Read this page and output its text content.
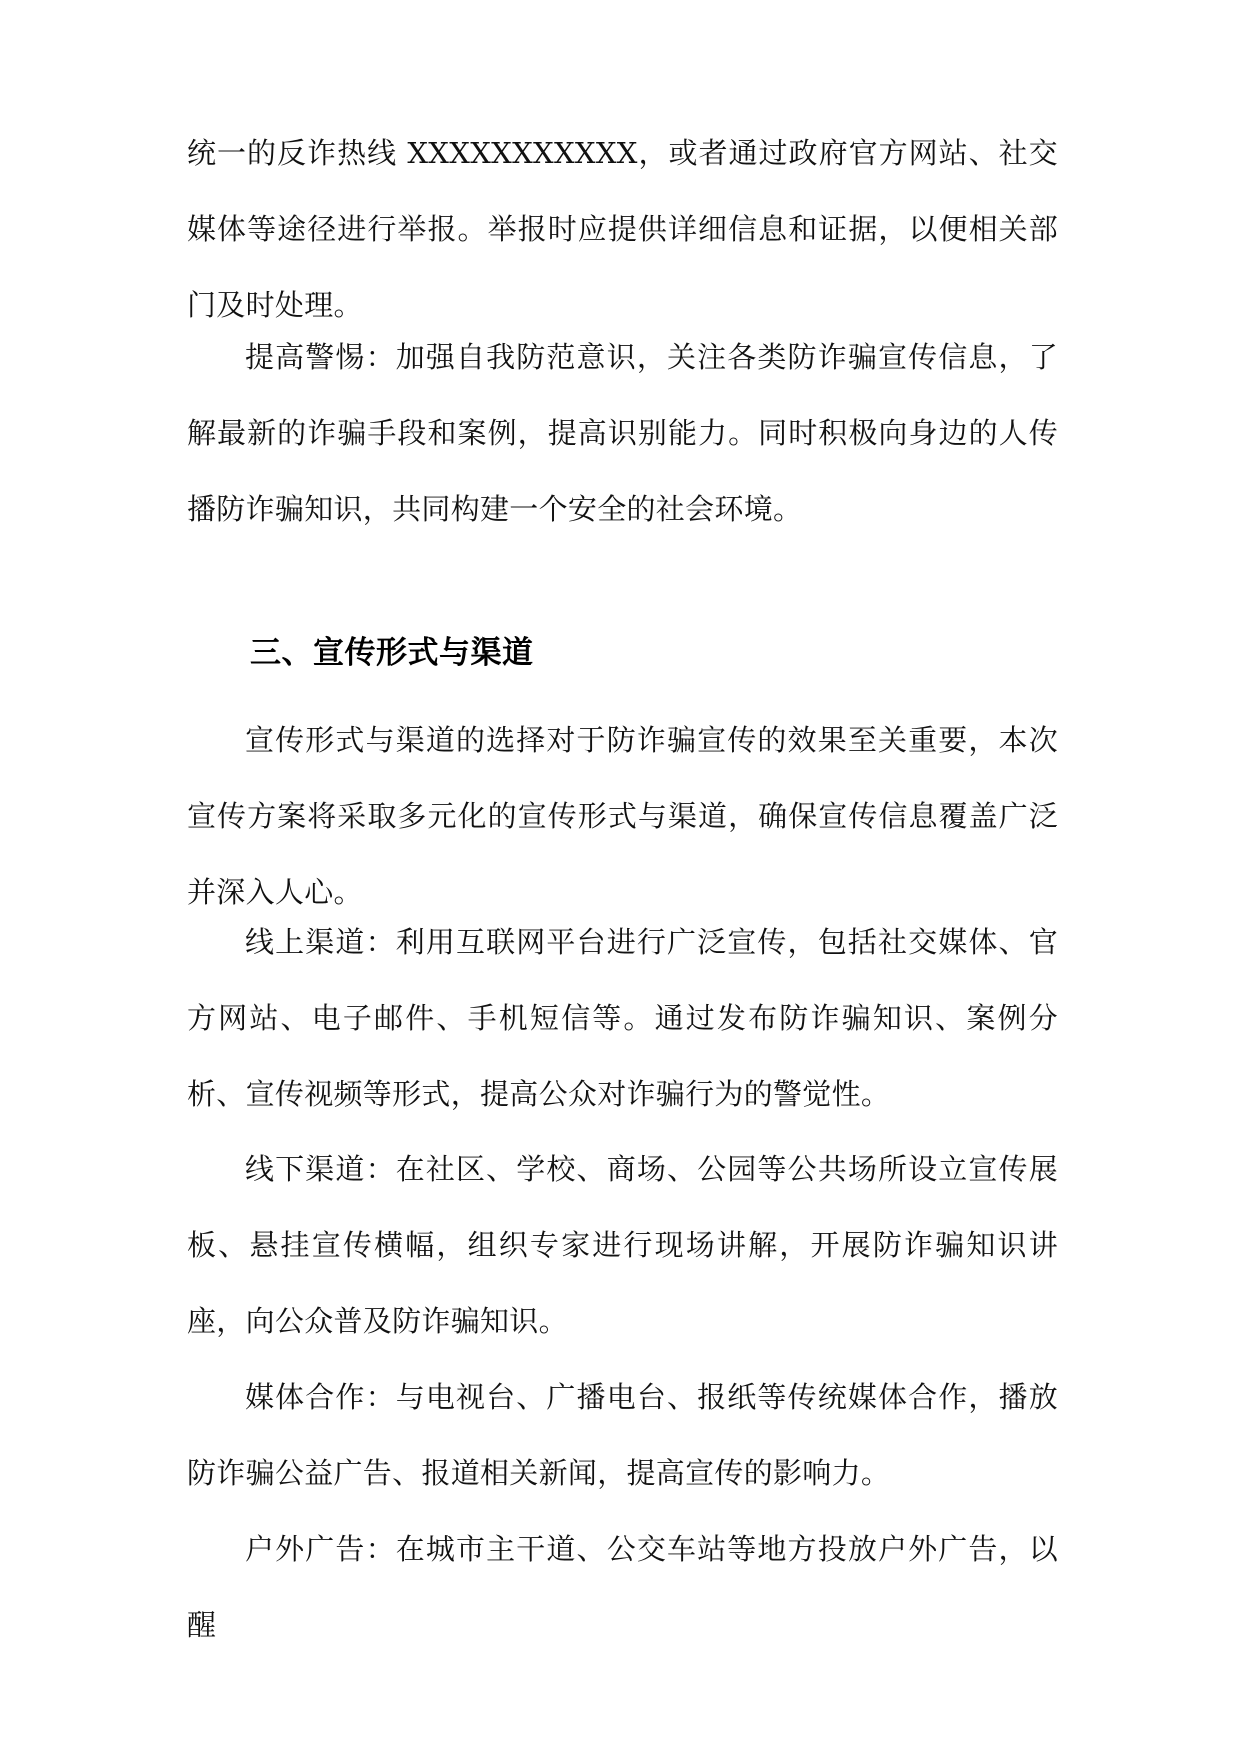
统一的反诈热线 XXXXXXXXXXX，或者通过政府官方网站、社交媒体等途径进行举报。举报时应提供详细信息和证据，以便相关部门及时处理。

提高警惕：加强自我防范意识，关注各类防诈骗宣传信息，了解最新的诈骗手段和案例，提高识别能力。同时积极向身边的人传播防诈骗知识，共同构建一个安全的社会环境。

三、宣传形式与渠道

宣传形式与渠道的选择对于防诈骗宣传的效果至关重要，本次宣传方案将采取多元化的宣传形式与渠道，确保宣传信息覆盖广泛并深入人心。

线上渠道：利用互联网平台进行广泛宣传，包括社交媒体、官方网站、电子邮件、手机短信等。通过发布防诈骗知识、案例分析、宣传视频等形式，提高公众对诈骗行为的警觉性。

线下渠道：在社区、学校、商场、公园等公共场所设立宣传展板、悬挂宣传横幅，组织专家进行现场讲解，开展防诈骗知识讲座，向公众普及防诈骗知识。

媒体合作：与电视台、广播电台、报纸等传统媒体合作，播放防诈骗公益广告、报道相关新闻，提高宣传的影响力。

户外广告：在城市主干道、公交车站等地方投放户外广告，以醒
